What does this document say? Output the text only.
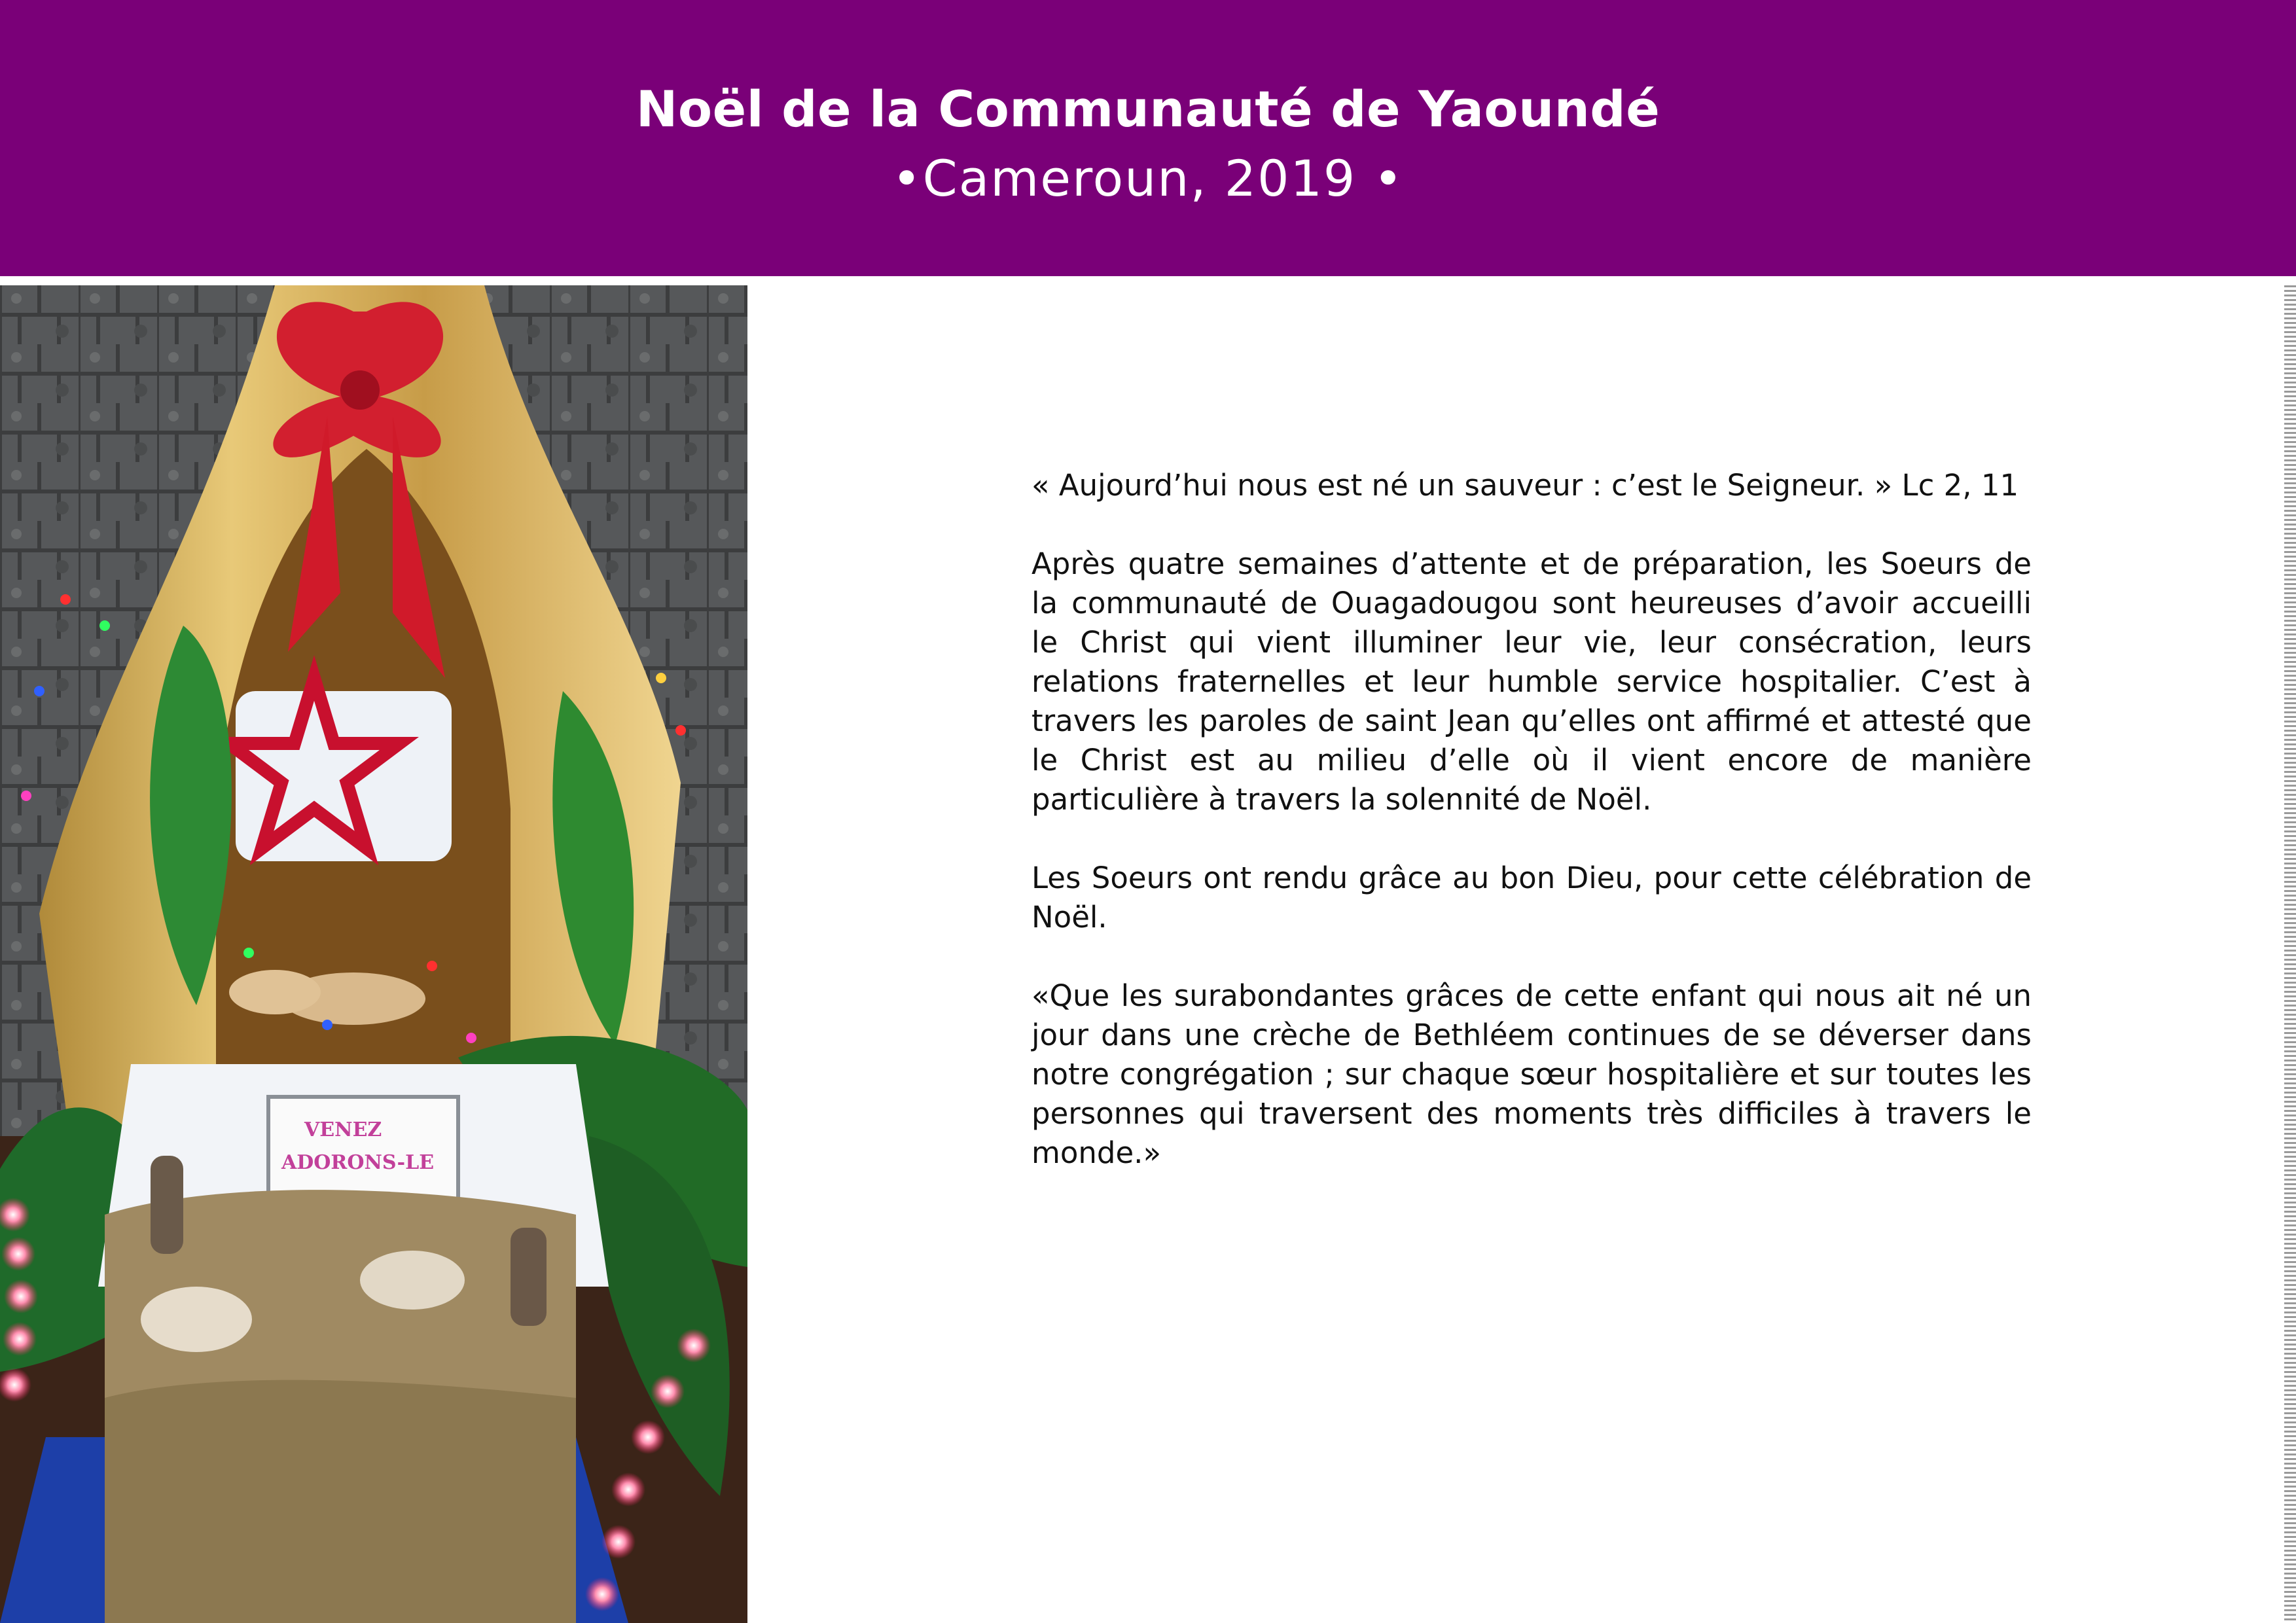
Noël de la Communauté de Yaoundé
•Cameroun, 2019 •
VENEZ
ADORONS-LE

« Aujourd’hui nous est né un sauveur : c’est le Seigneur. » Lc 2, 11

Après quatre semaines d’attente et de préparation, les Soeurs de la communauté de Ouagadougou sont heureuses d’avoir accueilli le Christ qui vient illuminer leur vie, leur consécration, leurs relations fraternelles et leur humble service hospitalier. C’est à travers les paroles de saint Jean qu’elles ont affirmé et attesté que le Christ est au milieu d’elle où il vient encore de manière particulière à travers la solennité de Noël.

Les Soeurs ont rendu grâce au bon Dieu, pour cette célébration de Noël.

«Que les surabondantes grâces de cette enfant qui nous ait né un jour dans une crèche de Bethléem continues de se déverser dans notre congrégation ; sur chaque sœur hospitalière et sur toutes les personnes qui traversent des moments très difficiles à travers le monde.»
